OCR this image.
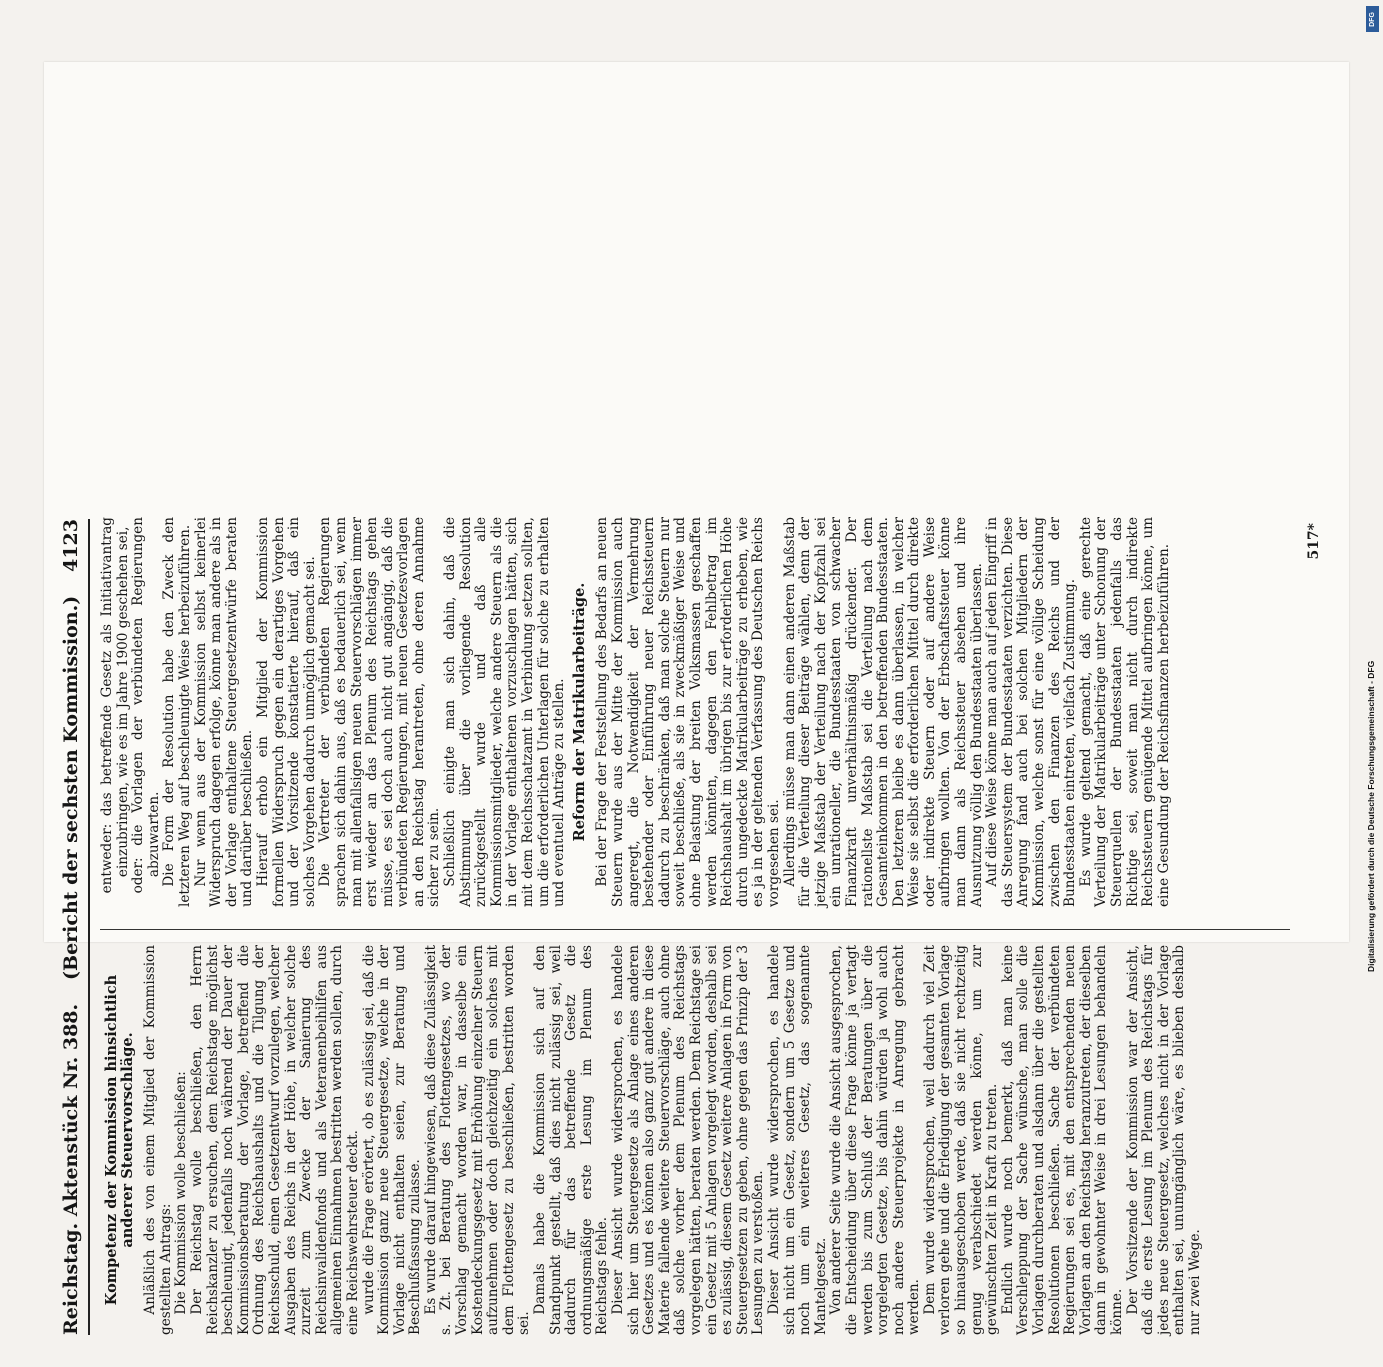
Reichstag. Aktenstück Nr. 388.
(Bericht der sechsten Kommission.)
4123
Kompetenz der Kommission hinsichtlich anderer Steuervorschläge. Anläßlich des von einem Mitglied der Kommission gestellten Antrags: Die Kommission wolle beschließen: Der Reichstag wolle beschließen, den Herrn Reichskanzler zu ersuchen, dem Reichstage möglichst beschleunigt, jedenfalls noch während der Dauer der Kommissionsberatung der Vorlage, betreffend die Ordnung des Reichshaushalts und die Tilgung der Reichsschuld, einen Gesetzentwurf vorzulegen, welcher Ausgaben des Reichs in der Höhe, in welcher solche zurzeit zum Zwecke der Sanierung des Reichsinvalidenfonds und als Veteranenbeihilfen aus allgemeinen Einnahmen bestritten werden sollen, durch eine Reichswehrsteuer deckt. wurde die Frage erörtert, ob es zulässig sei, daß die Kommission ganz neue Steuergesetze, welche in der Vorlage nicht enthalten seien, zur Beratung und Beschlußfassung zulasse. Es wurde darauf hingewiesen, daß diese Zulässigkeit s. Zt. bei Beratung des Flottengesetzes, wo der Vorschlag gemacht worden war, in dasselbe ein Kostendeckungsgesetz mit Erhöhung einzelner Steuern aufzunehmen oder doch gleichzeitig ein solches mit dem Flottengesetz zu beschließen, bestritten worden sei.

Damals habe die Kommission sich auf den Standpunkt gestellt, daß dies nicht zulässig sei, weil dadurch für das betreffende Gesetz die ordnungsmäßige erste Lesung im Plenum des Reichstags fehle. Dieser Ansicht wurde widersprochen, es handele sich hier um Steuergesetze als Anlage eines anderen Gesetzes und es können also ganz gut andere in diese Materie fallende weitere Steuervorschläge, auch ohne daß solche vorher dem Plenum des Reichstags vorgelegen hätten, beraten werden. Dem Reichstage sei ein Gesetz mit 5 Anlagen vorgelegt worden, deshalb sei es zulässig, diesem Gesetz weitere Anlagen in Form von Steuergesetzen zu geben, ohne gegen das Prinzip der 3 Lesungen zu verstoßen. Dieser Ansicht wurde widersprochen, es handele sich nicht um ein Gesetz, sondern um 5 Gesetze und noch um ein weiteres Gesetz, das sogenannte Mantelgesetz. Von anderer Seite wurde die Ansicht ausgesprochen, die Entscheidung über diese Frage könne ja vertagt werden bis zum Schluß der Beratungen über die vorgelegten Gesetze, bis dahin würden ja wohl auch noch andere Steuerprojekte in Anregung gebracht werden. Dem wurde widersprochen, weil dadurch viel Zeit verloren gehe und die Erledigung der gesamten Vorlage so hinausgeschoben werde, daß sie nicht rechtzeitig genug verabschiedet werden könne, um zur gewünschten Zeit in Kraft zu treten. Endlich wurde noch bemerkt, daß man keine Verschleppung der Sache wünsche, man solle die Vorlagen durchberaten und alsdann über die gestellten Resolutionen beschließen. Sache der verbündeten Regierungen sei es, mit den entsprechenden neuen Vorlagen an den Reichstag heranzutreten, der dieselben dann in gewohnter Weise in drei Lesungen behandeln könne. Der Vorsitzende der Kommission war der Ansicht, daß die erste Lesung im Plenum des Reichstags für jedes neue Steuergesetz, welches nicht in der Vorlage enthalten sei, unumgänglich wäre, es blieben deshalb nur zwei Wege.

entweder: das betreffende Gesetz als Initiativantrag einzubringen, wie es im Jahre 1900 geschehen sei, oder: die Vorlagen der verbündeten Regierungen abzuwarten. Die Form der Resolution habe den Zweck den letzteren Weg auf beschleunigte Weise herbeizuführen. Nur wenn aus der Kommission selbst keinerlei Widerspruch dagegen erfolge, könne man andere als in der Vorlage enthaltene Steuergesetzentwürfe beraten und darüber beschließen. Hierauf erhob ein Mitglied der Kommission formellen Widerspruch gegen ein derartiges Vorgehen und der Vorsitzende konstatierte hierauf, daß ein solches Vorgehen dadurch unmöglich gemacht sei. Die Vertreter der verbündeten Regierungen sprachen sich dahin aus, daß es bedauerlich sei, wenn man mit allenfallsigen neuen Steuervorschlägen immer erst wieder an das Plenum des Reichstags gehen müsse, es sei doch auch nicht gut angängig, daß die verbündeten Regierungen, mit neuen Gesetzesvorlagen an den Reichstag herantreten, ohne deren Annahme sicher zu sein. Schließlich einigte man sich dahin, daß die Abstimmung über die vorliegende Resolution zurückgestellt wurde und daß alle Kommissionsmitglieder, welche andere Steuern als die in der Vorlage enthaltenen vorzuschlagen hätten, sich mit dem Reichsschatzamt in Verbindung setzen sollten, um die erforderlichen Unterlagen für solche zu erhalten und eventuell Anträge zu stellen. Reform der Matrikularbeiträge. Bei der Frage der Feststellung des Bedarfs an neuen Steuern wurde aus der Mitte der Kommission auch angeregt, die Notwendigkeit der Vermehrung bestehender oder Einführung neuer Reichssteuern dadurch zu beschränken, daß man solche Steuern nur soweit beschließe, als sie in zweckmäßiger Weise und ohne Belastung der breiten Volksmassen geschaffen werden könnten, dagegen den Fehlbetrag im Reichshaushalt im übrigen bis zur erforderlichen Höhe durch ungedeckte Matrikularbeiträge zu erheben, wie es ja in der geltenden Verfassung des Deutschen Reichs vorgesehen sei. Allerdings müsse man dann einen anderen Maßstab für die Verteilung dieser Beiträge wählen, denn der jetzige Maßstab der Verteilung nach der Kopfzahl sei ein unrationeller, die Bundesstaaten von schwacher Finanzkraft unverhältnismäßig drückender. Der rationellste Maßstab sei die Verteilung nach dem Gesamteinkommen in den betreffenden Bundesstaaten. Den letzteren bleibe es dann überlassen, in welcher Weise sie selbst die erforderlichen Mittel durch direkte oder indirekte Steuern oder auf andere Weise aufbringen wollten. Von der Erbschaftssteuer könne man dann als Reichssteuer absehen und ihre Ausnutzung völlig den Bundesstaaten überlassen. Auf diese Weise könne man auch auf jeden Eingriff in das Steuersystem der Bundesstaaten verzichten. Diese Anregung fand auch bei solchen Mitgliedern der Kommission, welche sonst für eine völlige Scheidung zwischen den Finanzen des Reichs und der Bundesstaaten eintreten, vielfach Zustimmung. Es wurde geltend gemacht, daß eine gerechte Verteilung der Matrikularbeiträge unter Schonung der Steuerquellen der Bundesstaaten jedenfalls das Richtige sei, soweit man nicht durch indirekte Reichssteuern genügende Mittel aufbringen könne, um eine Gesundung der Reichsfinanzen herbeizuführen.

517*
DFG
Digitalisierung gefördert durch die Deutsche Forschungsgemeinschaft - DFG
